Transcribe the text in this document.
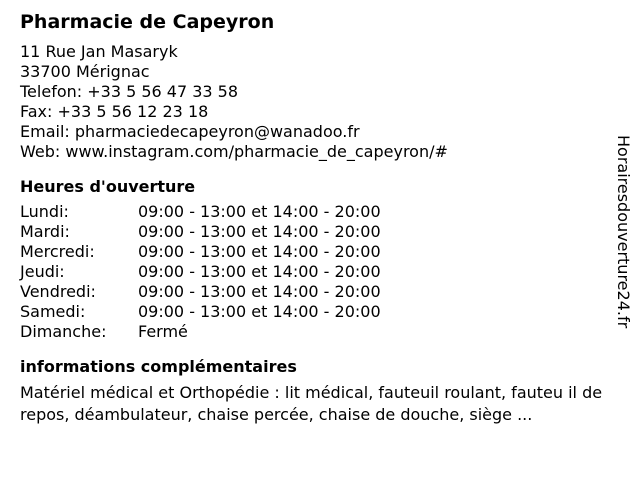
Pharmacie de Capeyron
11 Rue Jan Masaryk
33700 Mérignac
Telefon: +33 5 56 47 33 58
Fax: +33 5 56 12 23 18
Email: pharmaciedecapeyron@wanadoo.fr
Web: www.instagram.com/pharmacie_de_capeyron/#
Heures d'ouverture
Lundi:	09:00 - 13:00 et 14:00 - 20:00
Mardi:	09:00 - 13:00 et 14:00 - 20:00
Mercredi:	09:00 - 13:00 et 14:00 - 20:00
Jeudi:	09:00 - 13:00 et 14:00 - 20:00
Vendredi:	09:00 - 13:00 et 14:00 - 20:00
Samedi:	09:00 - 13:00 et 14:00 - 20:00
Dimanche:	Fermé
informations complémentaires
Matériel médical et Orthopédie : lit médical, fauteuil roulant, fauteu il de repos, déambulateur, chaise percée, chaise de douche, siège ...
Horairesdouverture24.fr
